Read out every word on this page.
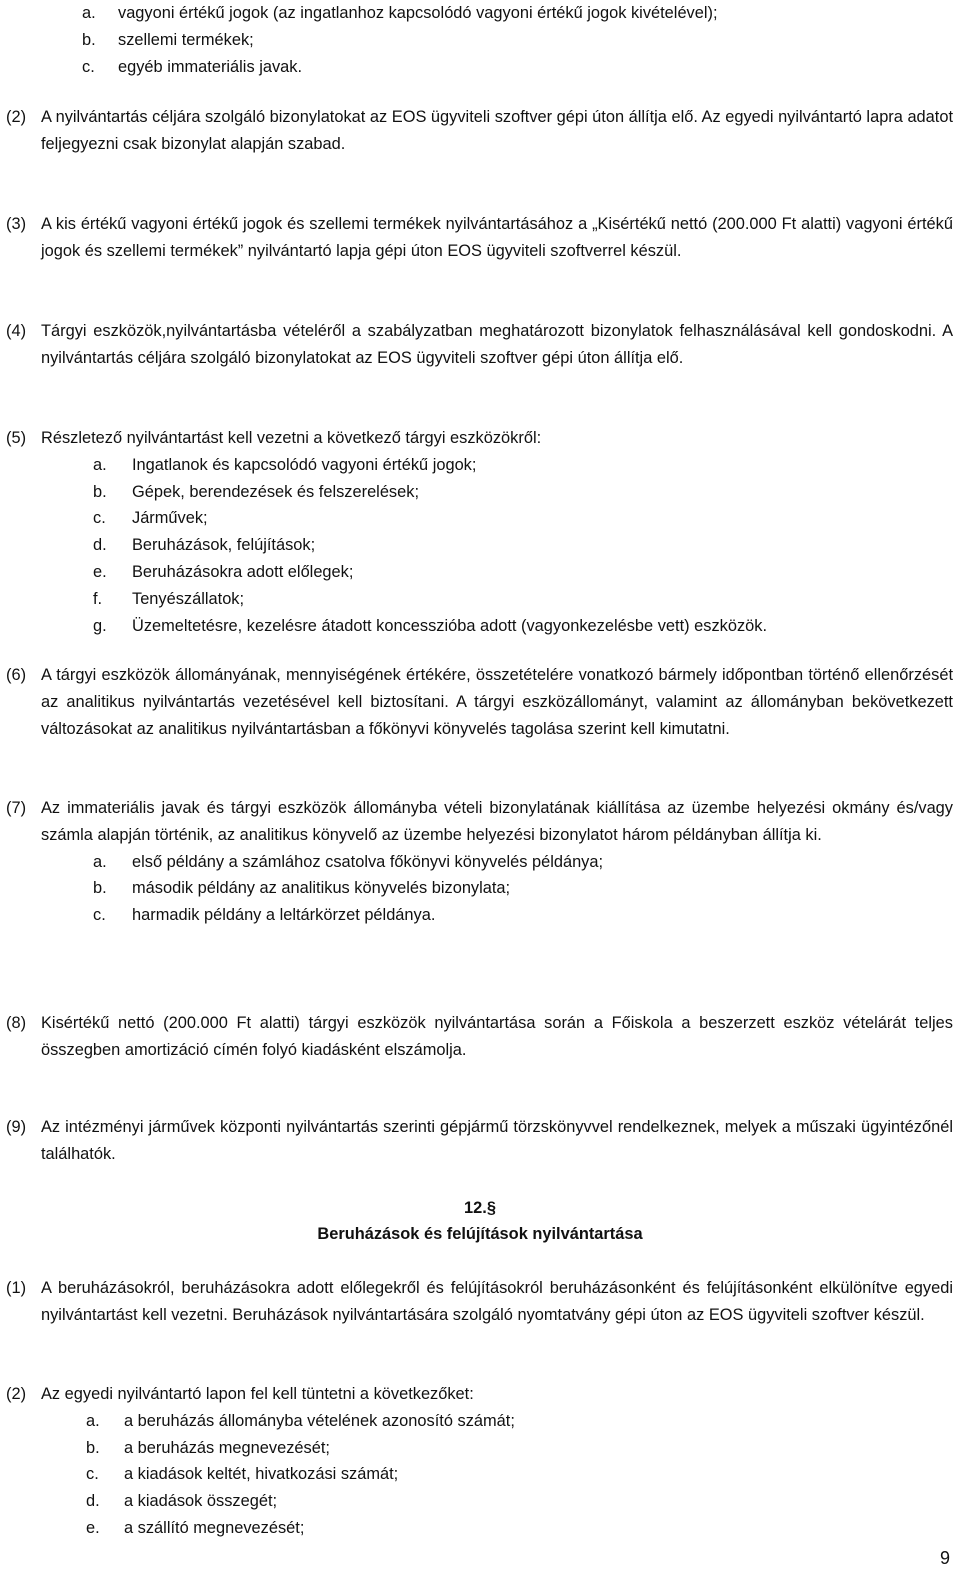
a. vagyoni értékű jogok (az ingatlanhoz kapcsolódó vagyoni értékű jogok kivételével);
b. szellemi termékek;
c. egyéb immateriális javak.
(2) A nyilvántartás céljára szolgáló bizonylatokat az EOS ügyviteli szoftver gépi úton állítja elő. Az egyedi nyilvántartó lapra adatot feljegyezni csak bizonylat alapján szabad.
(3) A kis értékű vagyoni értékű jogok és szellemi termékek nyilvántartásához a „Kisértékű nettó (200.000 Ft alatti) vagyoni értékű jogok és szellemi termékek” nyilvántartó lapja gépi úton EOS ügyviteli szoftverrel készül.
(4) Tárgyi eszközök,nyilvántartásba vételéről a szabályzatban meghatározott bizonylatok felhasználásával kell gondoskodni. A nyilvántartás céljára szolgáló bizonylatokat az EOS ügyviteli szoftver gépi úton állítja elő.
(5) Részletező nyilvántartást kell vezetni a következő tárgyi eszközökről:
a. Ingatlanok és kapcsolódó vagyoni értékű jogok;
b. Gépek, berendezések és felszerelések;
c. Járművek;
d. Beruházások, felújítások;
e. Beruházásokra adott előlegek;
f. Tenyészállatok;
g. Üzemeltetésre, kezelésre átadott koncesszióba adott (vagyonkezelésbe vett) eszközök.
(6) A tárgyi eszközök állományának, mennyiségének értékére, összetételére vonatkozó bármely időpontban történő ellenőrzését az analitikus nyilvántartás vezetésével kell biztosítani. A tárgyi eszközállományt, valamint az állományban bekövetkezett változásokat az analitikus nyilvántartásban a főkönyvi könyvelés tagolása szerint kell kimutatni.
(7) Az immateriális javak és tárgyi eszközök állományba vételi bizonylatának kiállítása az üzembe helyezési okmány és/vagy számla alapján történik, az analitikus könyvelő az üzembe helyezési bizonylatot három példányban állítja ki.
a. első példány a számlához csatolva főkönyvi könyvelés példánya;
b. második példány az analitikus könyvelés bizonylata;
c. harmadik példány a leltárkörzet példánya.
(8) Kisértékű nettó (200.000 Ft alatti) tárgyi eszközök nyilvántartása során a Főiskola a beszerzett eszköz vételárát teljes összegben amortizáció címén folyó kiadásként elszámolja.
(9) Az intézményi járművek központi nyilvántartás szerinti gépjármű törzskönyvvel rendelkeznek, melyek a műszaki ügyintézőnél találhatók.
12.§
Beruházások és felújítások nyilvántartása
(1) A beruházásokról, beruházásokra adott előlegekről és felújításokról beruházásonként és felújításonként elkülönítve egyedi nyilvántartást kell vezetni. Beruházások nyilvántartására szolgáló nyomtatvány gépi úton az EOS ügyviteli szoftver készül.
(2) Az egyedi nyilvántartó lapon fel kell tüntetni a következőket:
a. a beruházás állományba vételének azonosító számát;
b. a beruházás megnevezését;
c. a kiadások keltét, hivatkozási számát;
d. a kiadások összegét;
e. a szállító megnevezését;
9
